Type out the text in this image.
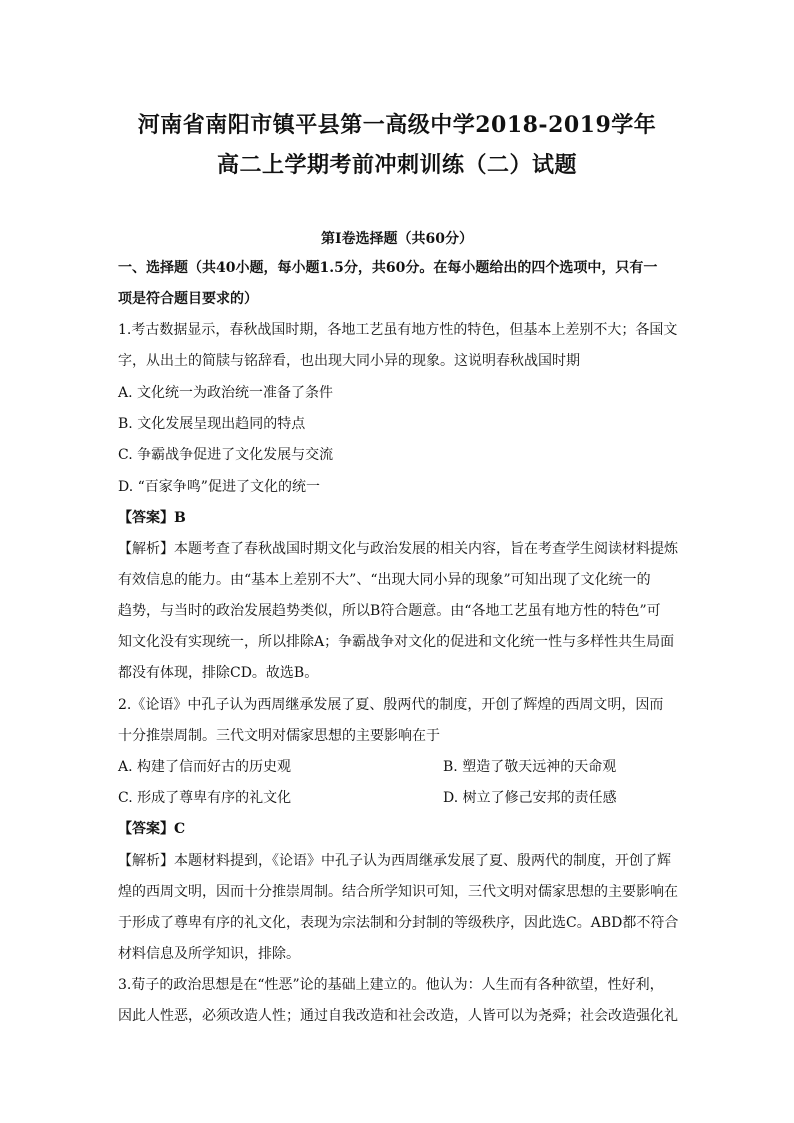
河南省南阳市镇平县第一高级中学2018-2019学年
高二上学期考前冲刺训练（二）试题
第Ⅰ卷选择题（共60分）
一、选择题（共40小题，每小题1.5分，共60分。在每小题给出的四个选项中，只有一
项是符合题目要求的）
1.考古数据显示，春秋战国时期，各地工艺虽有地方性的特色，但基本上差别不大；各国文
字，从出土的简牍与铭辞看，也出现大同小异的现象。这说明春秋战国时期
A. 文化统一为政治统一准备了条件
B. 文化发展呈现出趋同的特点
C. 争霸战争促进了文化发展与交流
D. “百家争鸣”促进了文化的统一
【答案】B
【解析】本题考查了春秋战国时期文化与政治发展的相关内容，旨在考查学生阅读材料提炼
有效信息的能力。由“基本上差别不大”、“出现大同小异的现象”可知出现了文化统一的
趋势，与当时的政治发展趋势类似，所以B符合题意。由“各地工艺虽有地方性的特色”可
知文化没有实现统一，所以排除A；争霸战争对文化的促进和文化统一性与多样性共生局面
都没有体现，排除CD。故选B。
2.《论语》中孔子认为西周继承发展了夏、殷两代的制度，开创了辉煌的西周文明，因而
十分推崇周制。三代文明对儒家思想的主要影响在于
A. 构建了信而好古的历史观	B. 塑造了敬天远神的天命观
C. 形成了尊卑有序的礼文化	D. 树立了修己安邦的责任感
【答案】C
【解析】本题材料提到，《论语》中孔子认为西周继承发展了夏、殷两代的制度，开创了辉
煌的西周文明，因而十分推崇周制。结合所学知识可知，三代文明对儒家思想的主要影响在
于形成了尊卑有序的礼文化，表现为宗法制和分封制的等级秩序，因此选C。ABD都不符合
材料信息及所学知识，排除。
3.荀子的政治思想是在“性恶”论的基础上建立的。他认为：人生而有各种欲望，性好利，
因此人性恶，必须改造人性；通过自我改造和社会改造，人皆可以为尧舜；社会改造强化礼
